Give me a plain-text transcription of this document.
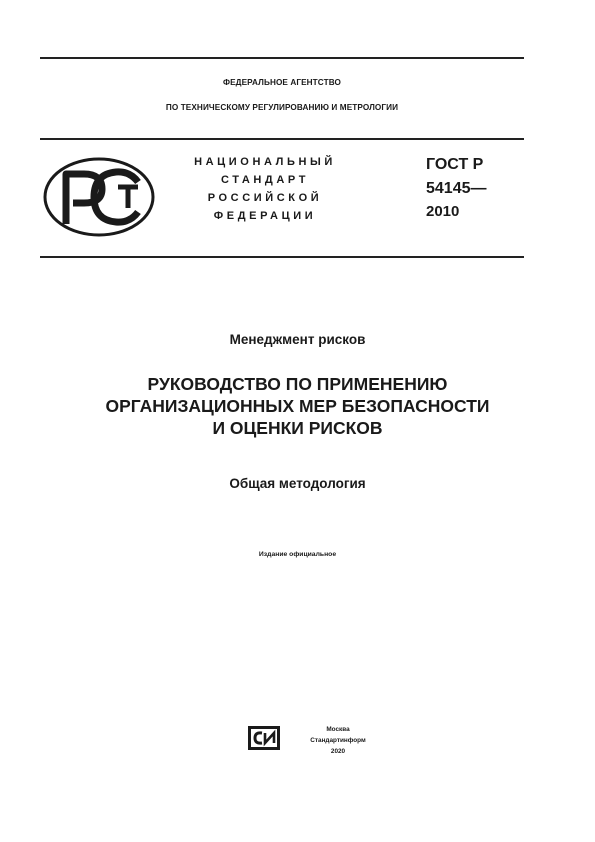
ФЕДЕРАЛЬНОЕ АГЕНТСТВО
ПО ТЕХНИЧЕСКОМУ РЕГУЛИРОВАНИЮ И МЕТРОЛОГИИ
НАЦИОНАЛЬНЫЙ
СТАНДАРТ
РОССИЙСКОЙ
ФЕДЕРАЦИИ
ГОСТ Р
54145—
2010
Менеджмент рисков
РУКОВОДСТВО ПО ПРИМЕНЕНИЮ
ОРГАНИЗАЦИОННЫХ МЕР БЕЗОПАСНОСТИ
И ОЦЕНКИ РИСКОВ
Общая методология
Издание официальное
Москва
Стандартинформ
2020
